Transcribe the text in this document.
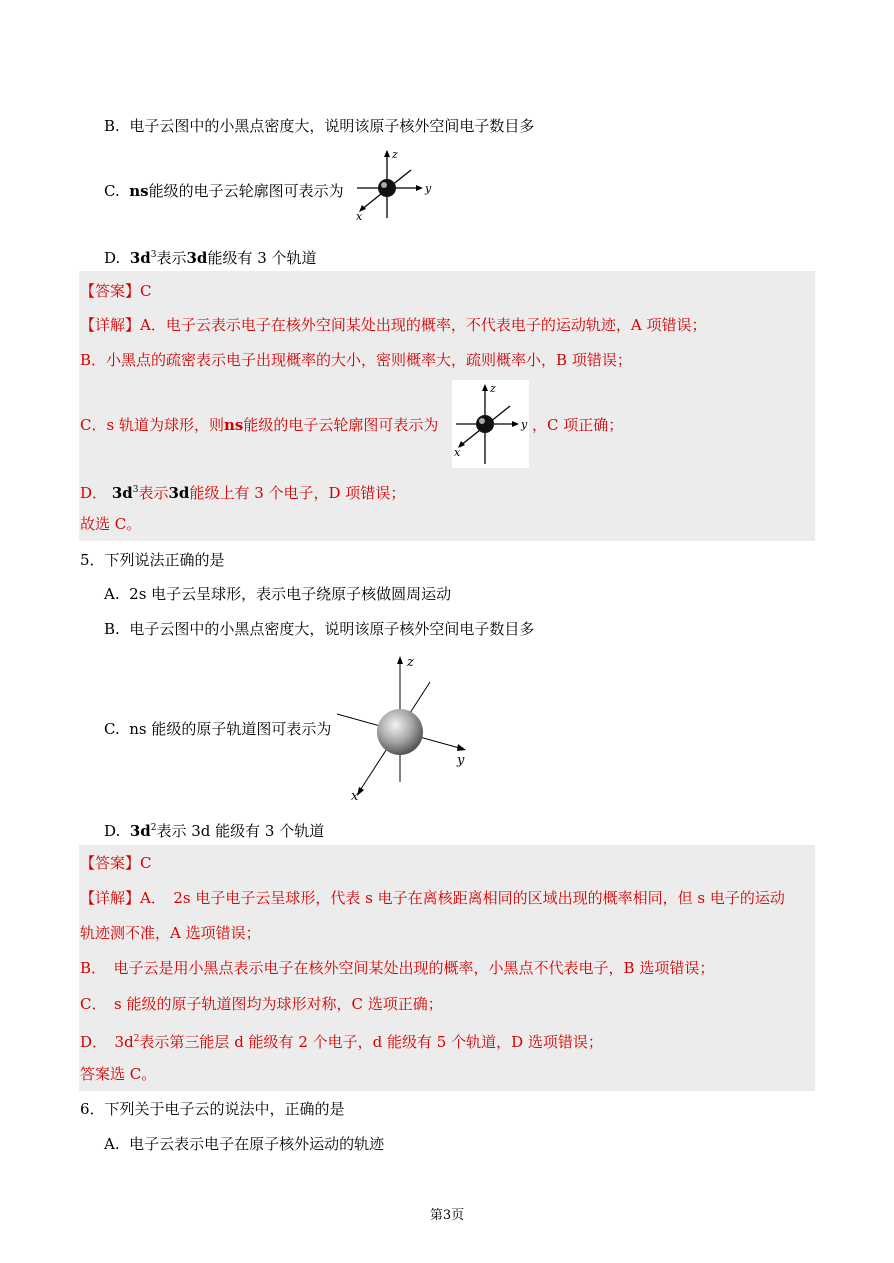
B. 电子云图中的小黑点密度大，说明该原子核外空间电子数目多
C. ns能级的电子云轮廓图可表示为
z
y
x
D. $3d^3$表示3d能级有 3 个轨道
【答案】C
【详解】A．电子云表示电子在核外空间某处出现的概率，不代表电子的运动轨迹，A 项错误；
B．小黑点的疏密表示电子出现概率的大小，密则概率大，疏则概率小，B 项错误；
C．s 轨道为球形，则ns能级的电子云轮廓图可表示为
z
y
x
，C 项正确；
D． $3d^3$表示3d能级上有 3 个电子，D 项错误；
故选 C。
5．下列说法正确的是
A. 2s 电子云呈球形，表示电子绕原子核做圆周运动
B. 电子云图中的小黑点密度大，说明该原子核外空间电子数目多
C. ns 能级的原子轨道图可表示为
z
y
x
D. $3d^2$表示 3d 能级有 3 个轨道
【答案】C
【详解】A．　2s 电子电子云呈球形，代表 s 电子在离核距离相同的区域出现的概率相同，但 s 电子的运动
轨迹测不准，A 选项错误；
B．　电子云是用小黑点表示电子在核外空间某处出现的概率，小黑点不代表电子，B 选项错误；
C．　s 能级的原子轨道图均为球形对称，C 选项正确；
D．　$3d^2$表示第三能层 d 能级有 2 个电子，d 能级有 5 个轨道，D 选项错误；
答案选 C。
6．下列关于电子云的说法中，正确的是
A. 电子云表示电子在原子核外运动的轨迹
第3页
